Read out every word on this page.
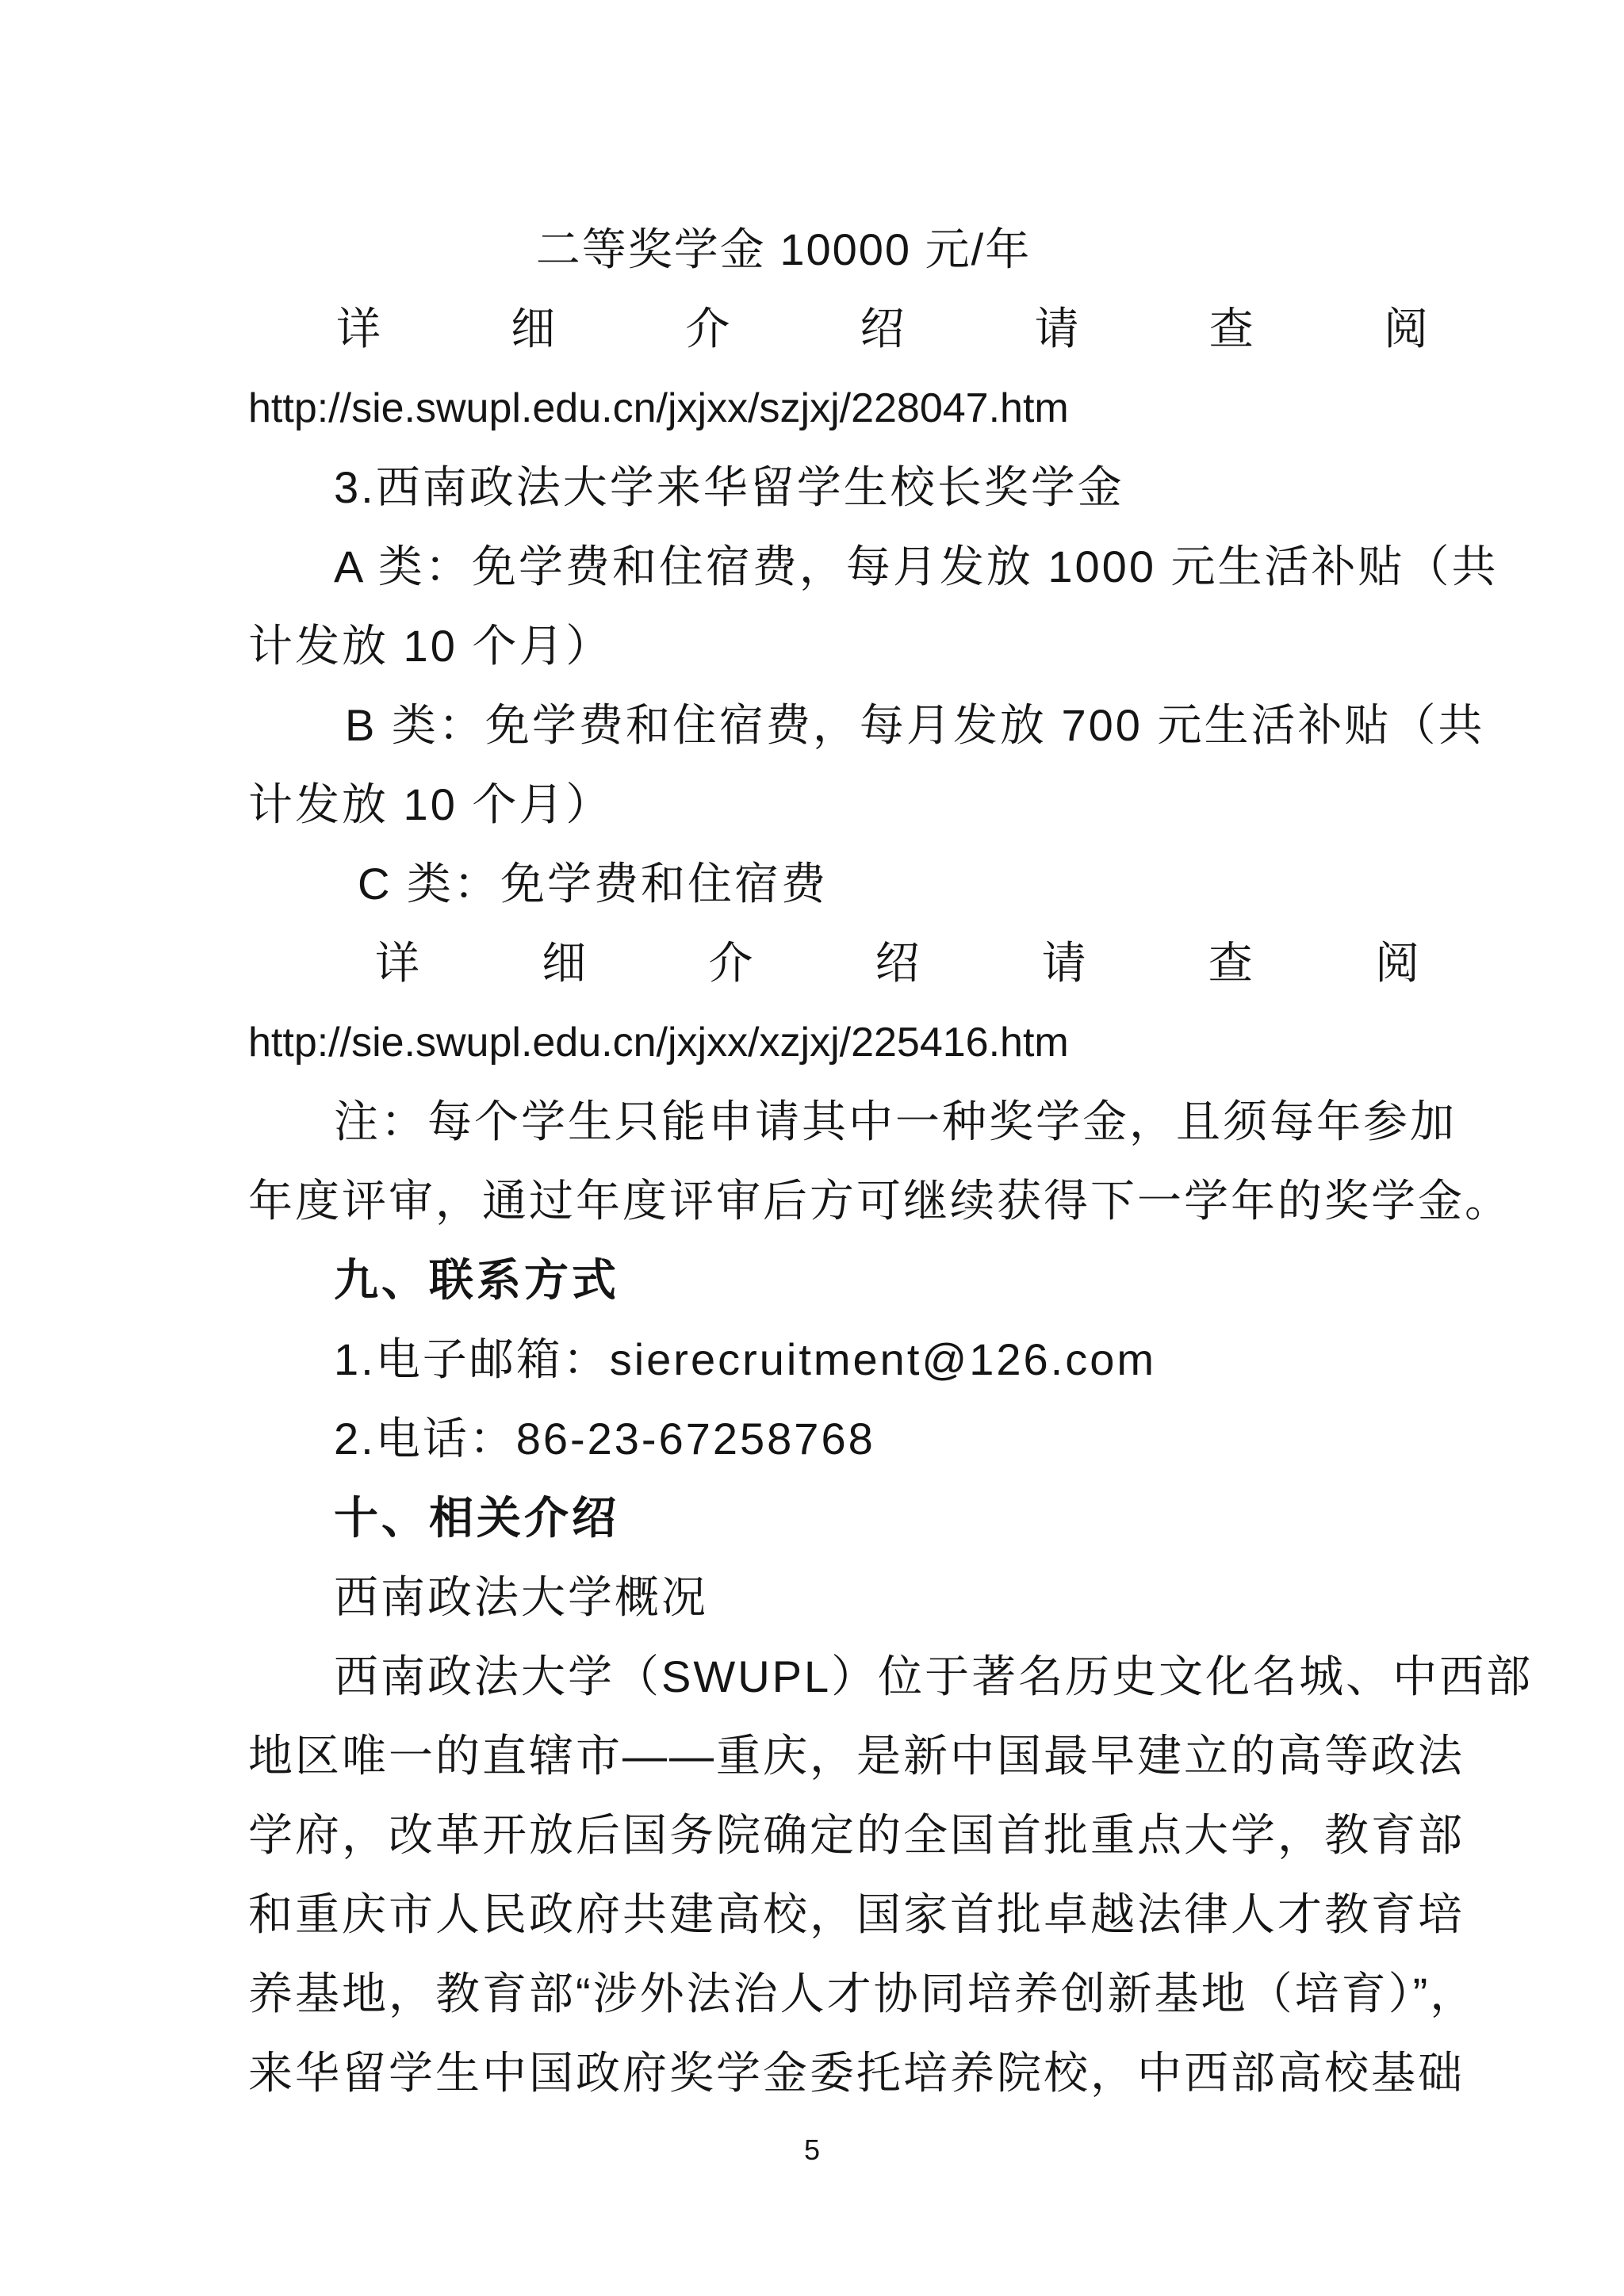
二等奖学金 10000 元/年
详	细	介	绍	请	查	阅
http://sie.swupl.edu.cn/jxjxx/szjxj/228047.htm
3.西南政法大学来华留学生校长奖学金
A 类：免学费和住宿费，每月发放 1000 元生活补贴（共
计发放 10 个月）
B 类：免学费和住宿费，每月发放 700 元生活补贴（共
计发放 10 个月）
C 类：免学费和住宿费
详	细	介	绍	请	查	阅
http://sie.swupl.edu.cn/jxjxx/xzjxj/225416.htm
注：每个学生只能申请其中一种奖学金，且须每年参加
年度评审，通过年度评审后方可继续获得下一学年的奖学金。
九、联系方式
1.电子邮箱：sierecruitment@126.com
2.电话：86-23-67258768
十、相关介绍
西南政法大学概况
西南政法大学（SWUPL）位于著名历史文化名城、中西部
地区唯一的直辖市——重庆，是新中国最早建立的高等政法
学府，改革开放后国务院确定的全国首批重点大学，教育部
和重庆市人民政府共建高校，国家首批卓越法律人才教育培
养基地，教育部“涉外法治人才协同培养创新基地（培育）”，
来华留学生中国政府奖学金委托培养院校，中西部高校基础
5
